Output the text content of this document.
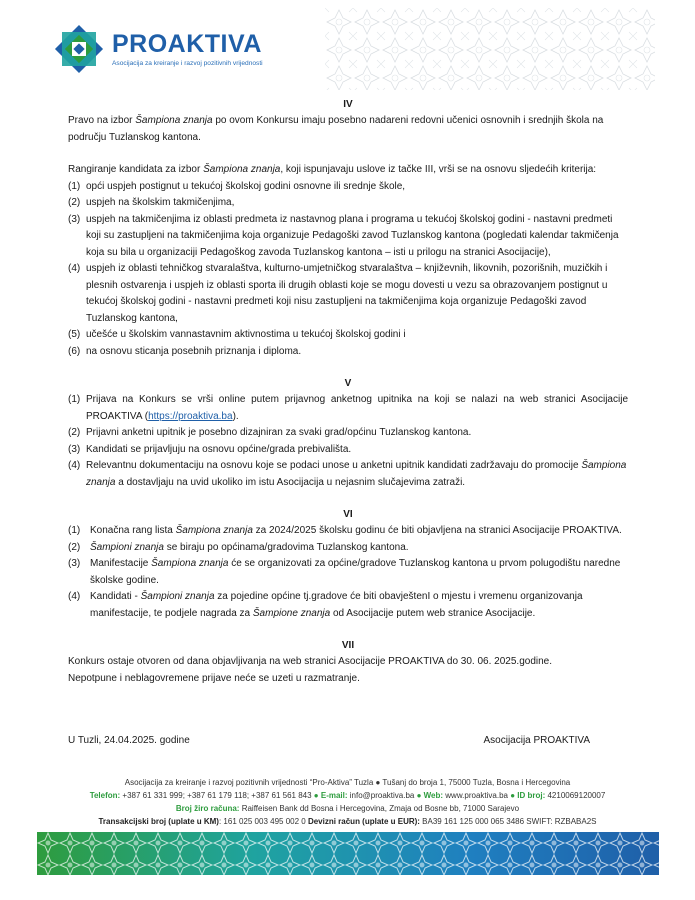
PROAKTIVA
Asocijacija za kreiranje i razvoj pozitivnih vrijednosti
IV
Pravo na izbor Šampiona znanja po ovom Konkursu imaju posebno nadareni redovni učenici osnovnih i srednjih škola na području Tuzlanskog kantona.
Rangiranje kandidata za izbor Šampiona znanja, koji ispunjavaju uslove iz tačke III, vrši se na osnovu sljedećih kriterija:
(1) opći uspjeh postignut u tekućoj školskoj godini osnovne ili srednje škole,
(2) uspjeh na školskim takmičenjima,
(3) uspjeh na takmičenjima iz oblasti predmeta iz nastavnog plana i programa u tekućoj školskoj godini - nastavni predmeti koji su zastupljeni na takmičenjima koja organizuje Pedagoški zavod Tuzlanskog kantona (pogledati kalendar takmičenja koja su bila u organizaciji Pedagoškog zavoda Tuzlanskog kantona – isti u prilogu na stranici Asocijacije),
(4) uspjeh iz oblasti tehničkog stvaralaštva, kulturno-umjetničkog stvaralaštva – književnih, likovnih, pozorišnih, muzičkih i plesnih ostvarenja i uspjeh iz oblasti sporta ili drugih oblasti koje se mogu dovesti u vezu sa obrazovanjem postignut u tekućoj školskoj godini - nastavni predmeti koji nisu zastupljeni na takmičenjima koja organizuje Pedagoški zavod Tuzlanskog kantona,
(5) učešće u školskim vannastavnim aktivnostima u tekućoj školskoj godini i
(6) na osnovu sticanja posebnih priznanja i diploma.
V
(1) Prijava na Konkurs se vrši online putem prijavnog anketnog upitnika na koji se nalazi na web stranici Asocijacije PROAKTIVA (https://proaktiva.ba).
(2) Prijavni anketni upitnik je posebno dizajniran za svaki grad/općinu Tuzlanskog kantona.
(3) Kandidati se prijavljuju na osnovu općine/grada prebivališta.
(4) Relevantnu dokumentaciju na osnovu koje se podaci unose u anketni upitnik kandidati zadržavaju do promocije Šampiona znanja a dostavljaju na uvid ukoliko im istu Asocijacija u nejasnim slučajevima zatraži.
VI
(1) Konačna rang lista Šampiona znanja za 2024/2025 školsku godinu će biti objavljena na stranici Asocijacije PROAKTIVA.
(2) Šampioni znanja se biraju po općinama/gradovima Tuzlanskog kantona.
(3) Manifestacije Šampiona znanja će se organizovati za općine/gradove Tuzlanskog kantona u prvom polugodištu naredne školske godine.
(4) Kandidati - Šampioni znanja za pojedine općine tj.gradove će biti obavještenI o mjestu i vremenu organizovanja manifestacije, te podjele nagrada za Šampione znanja od Asocijacije putem web stranice Asocijacije.
VII
Konkurs ostaje otvoren od dana objavljivanja na web stranici Asocijacije PROAKTIVA do 30. 06. 2025.godine.
Nepotpune i neblagovremene prijave neće se uzeti u razmatranje.
U Tuzli, 24.04.2025. godine	Asocijacija PROAKTIVA
Asocijacija za kreiranje i razvoj pozitivnih vrijednosti “Pro-Aktiva” Tuzla ● Tušanj do broja 1, 75000 Tuzla, Bosna i Hercegovina
Telefon: +387 61 331 999; +387 61 179 118; +387 61 561 843 ● E-mail: info@proaktiva.ba ● Web: www.proaktiva.ba ● ID broj: 4210069120007
Broj žiro računa: Raiffeisen Bank dd Bosna i Hercegovina, Zmaja od Bosne bb, 71000 Sarajevo
Transakcijski broj (uplate u KM): 161 025 003 495 002 0 Devizni račun (uplate u EUR): BA39 161 125 000 065 3486 SWIFT: RZBABA2S
